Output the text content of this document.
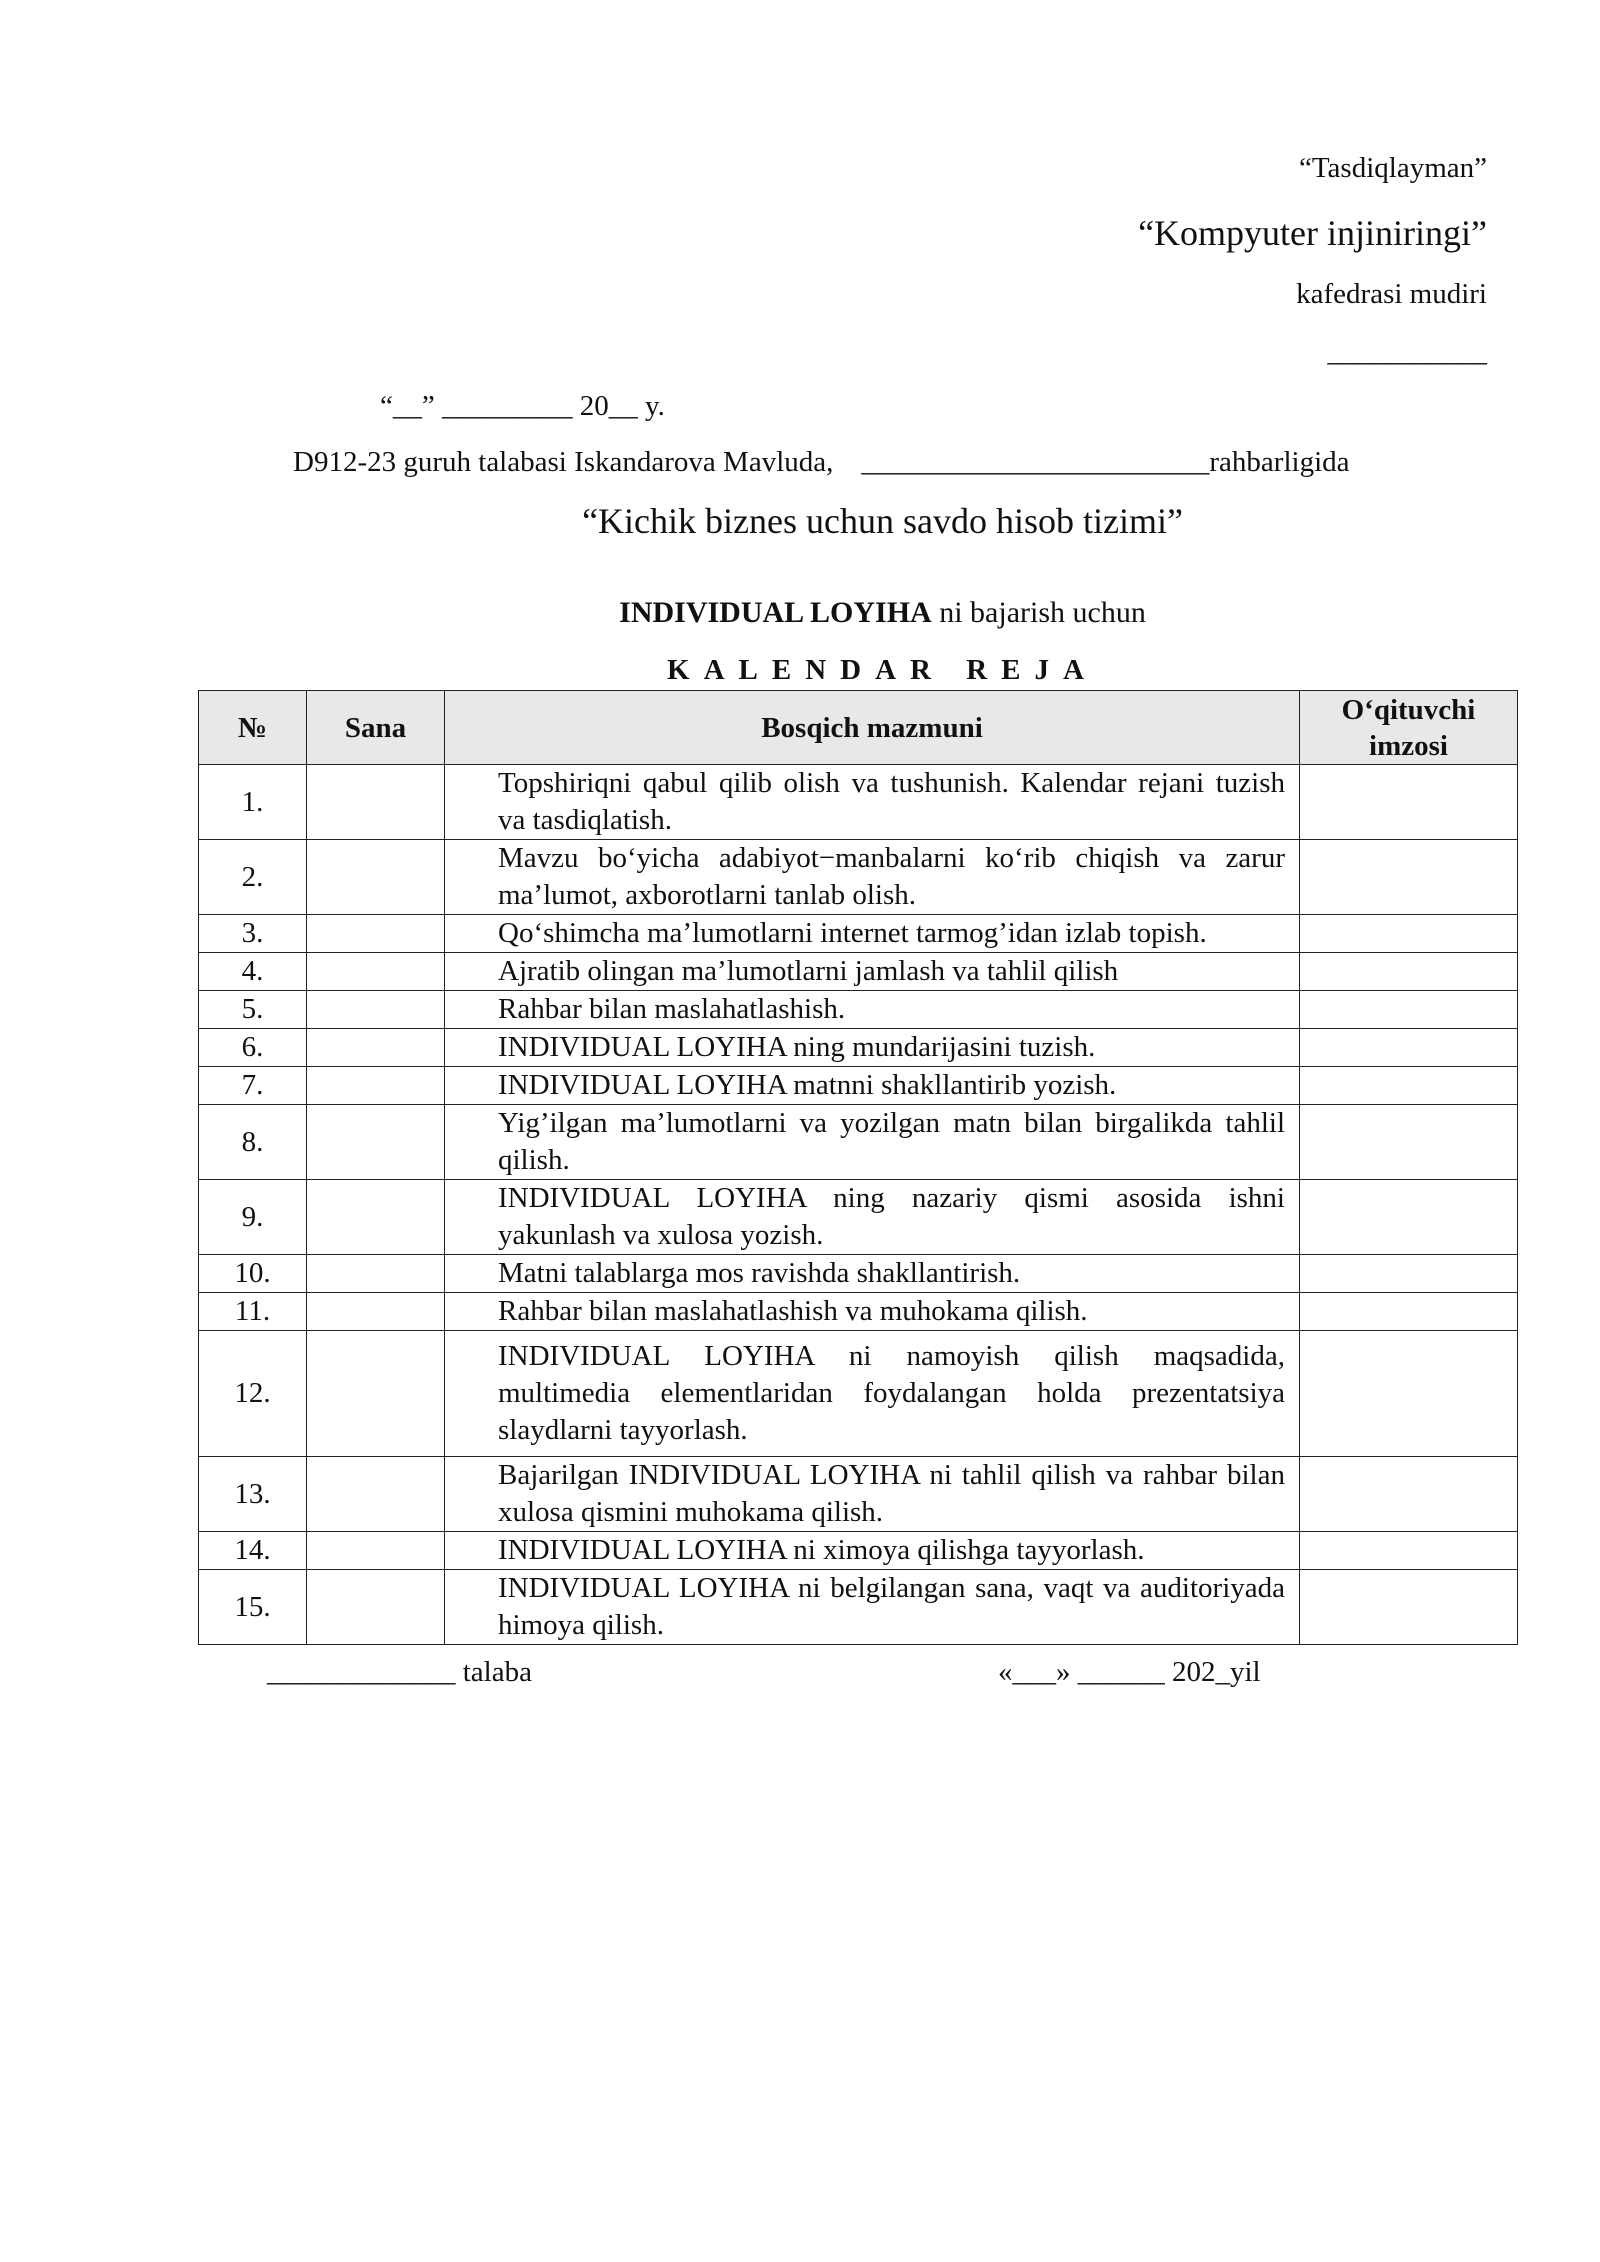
“Tasdiqlayman”
“Kompyuter injiniringi”
kafedrasi mudiri
___________
“__” _________ 20__ y.
D912-23 guruh talabasi Iskandarova Mavluda, ________________________rahbarligida
“Kichik biznes uchun savdo hisob tizimi”
INDIVIDUAL LOYIHA ni bajarish uchun
KALENDAR REJA
№	Sana	Bosqich mazmuni	O‘qituvchi imzosi
1.		Topshiriqni qabul qilib olish va tushunish. Kalendar rejani tuzish va tasdiqlatish.	
2.		Mavzu bo‘yicha adabiyot−manbalarni ko‘rib chiqish va zarur ma’lumot, axborotlarni tanlab olish.	
3.		Qo‘shimcha ma’lumotlarni internet tarmog’idan izlab topish.	
4.		Ajratib olingan ma’lumotlarni jamlash va tahlil qilish	
5.		Rahbar bilan maslahatlashish.	
6.		INDIVIDUAL LOYIHA ning mundarijasini tuzish.	
7.		INDIVIDUAL LOYIHA matnni shakllantirib yozish.	
8.		Yig’ilgan ma’lumotlarni va yozilgan matn bilan birgalikda tahlil qilish.	
9.		INDIVIDUAL LOYIHA ning nazariy qismi asosida ishni yakunlash va xulosa yozish.	
10.		Matni talablarga mos ravishda shakllantirish.	
11.		Rahbar bilan maslahatlashish va muhokama qilish.	
12.		INDIVIDUAL LOYIHA ni namoyish qilish maqsadida, multimedia elementlaridan foydalangan holda prezentatsiya slaydlarni tayyorlash.	
13.		Bajarilgan INDIVIDUAL LOYIHA ni tahlil qilish va rahbar bilan xulosa qismini muhokama qilish.	
14.		INDIVIDUAL LOYIHA ni ximoya qilishga tayyorlash.	
15.		INDIVIDUAL LOYIHA ni belgilangan sana, vaqt va auditoriyada himoya qilish.	
_____________ talaba	«___» ______ 202_yil
